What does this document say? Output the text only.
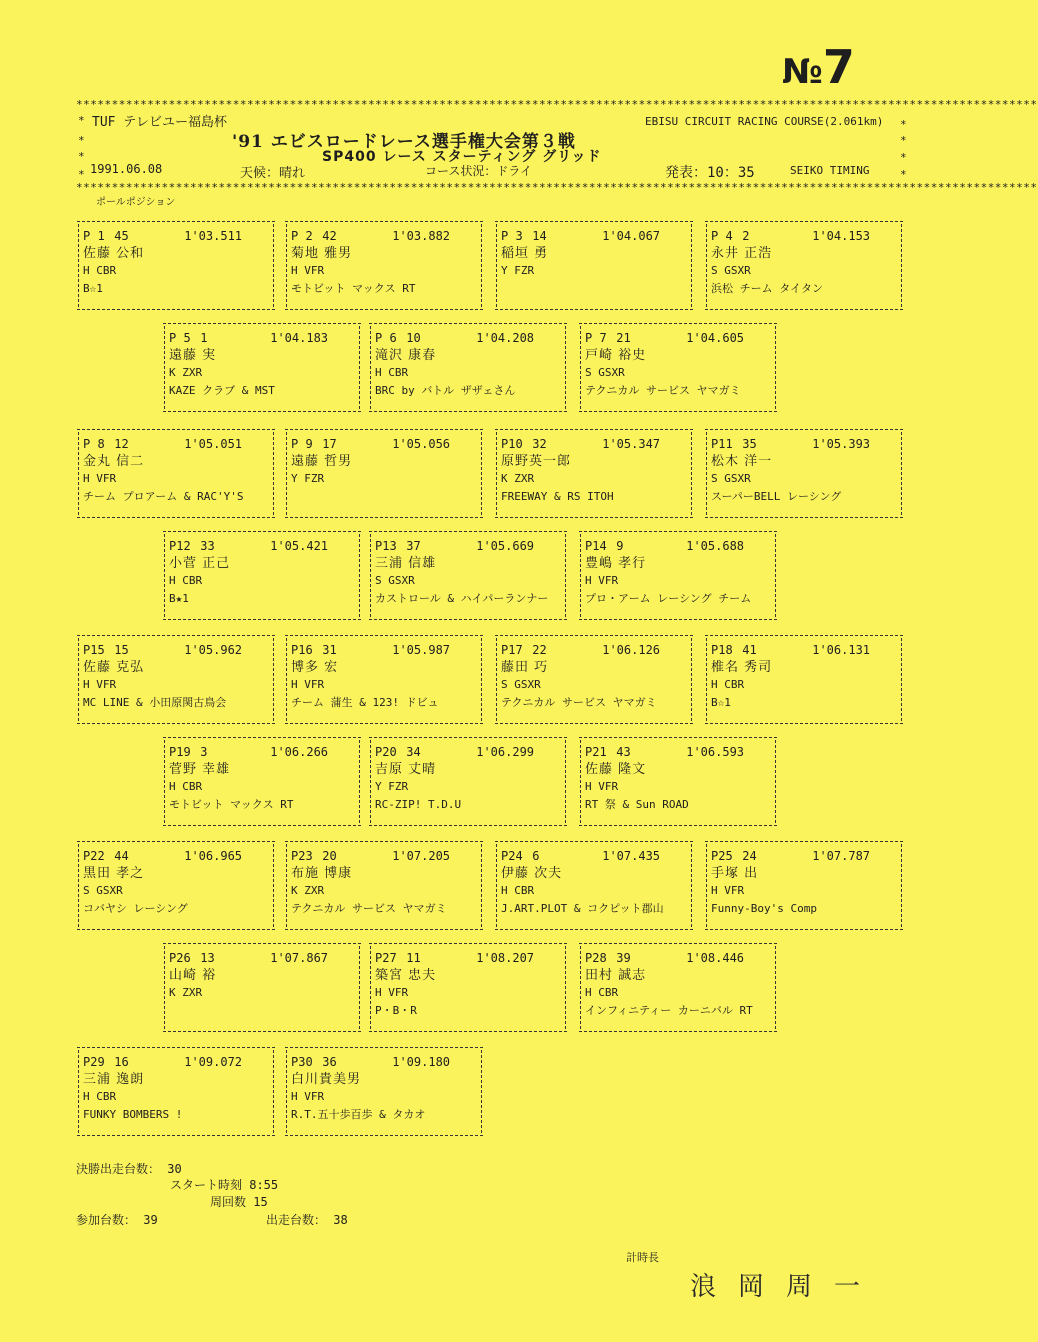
№7
***************************************************************************************************************************************
***************************************************************************************************************************************
*
*
*
*
*
*
*
*
TUF テレビユー福島杯	EBISU CIRCUIT RACING COURSE(2.061km)
'91 エビスロードレース選手権大会第３戦
SP400 レース スターティング グリッド
1991.06.08	天候：晴れ	コース状況：ドライ	発表：10：35	SEIKO TIMING
ポールポジション
P 1 45	1'03.511
佐藤 公和
H CBR
B☆1
P 2 42	1'03.882
菊地 雅男
H VFR
モトビット マックス RT
P 3 14	1'04.067
稲垣 勇
Y FZR
P 4 2	1'04.153
永井 正浩
S GSXR
浜松 チーム タイタン
P 5 1	1'04.183
遠藤 実
K ZXR
KAZE クラブ & MST
P 6 10	1'04.208
滝沢 康春
H CBR
BRC by バトル ザザェさん
P 7 21	1'04.605
戸崎 裕史
S GSXR
テクニカル サービス ヤマガミ
P 8 12	1'05.051
金丸 信二
H VFR
チーム プロアーム & RAC'Y'S
P 9 17	1'05.056
遠藤 哲男
Y FZR
P10 32	1'05.347
原野英一郎
K ZXR
FREEWAY & RS ITOH
P11 35	1'05.393
松木 洋一
S GSXR
スーパーBELL レーシング
P12 33	1'05.421
小菅 正己
H CBR
B★1
P13 37	1'05.669
三浦 信雄
S GSXR
カストロール & ハイパーランナー
P14 9	1'05.688
豊嶋 孝行
H VFR
プロ・アーム レーシング チーム
P15 15	1'05.962
佐藤 克弘
H VFR
MC LINE & 小田原関古鳥会
P16 31	1'05.987
博多 宏
H VFR
チーム 蒲生 & 123! ドビュ
P17 22	1'06.126
藤田 巧
S GSXR
テクニカル サービス ヤマガミ
P18 41	1'06.131
椎名 秀司
H CBR
B☆1
P19 3	1'06.266
菅野 幸雄
H CBR
モトビット マックス RT
P20 34	1'06.299
吉原 丈晴
Y FZR
RC-ZIP! T.D.U
P21 43	1'06.593
佐藤 隆文
H VFR
RT 祭 & Sun ROAD
P22 44	1'06.965
黒田 孝之
S GSXR
コバヤシ レーシング
P23 20	1'07.205
布施 博康
K ZXR
テクニカル サービス ヤマガミ
P24 6	1'07.435
伊藤 次夫
H CBR
J.ART.PLOT & コクピット郡山
P25 24	1'07.787
手塚 出
H VFR
Funny-Boy's Comp
P26 13	1'07.867
山崎 裕
K ZXR
P27 11	1'08.207
築宮 忠夫
H VFR
P・B・R
P28 39	1'08.446
田村 誠志
H CBR
インフィニティー カーニバル RT
P29 16	1'09.072
三浦 逸朗
H CBR
FUNKY BOMBERS !
P30 36	1'09.180
白川貴美男
H VFR
R.T.五十歩百歩 & タカオ
決勝出走台数： 30
スタート時刻 8:55
周回数 15
参加台数： 39	出走台数： 38
計時長
浪岡周一
